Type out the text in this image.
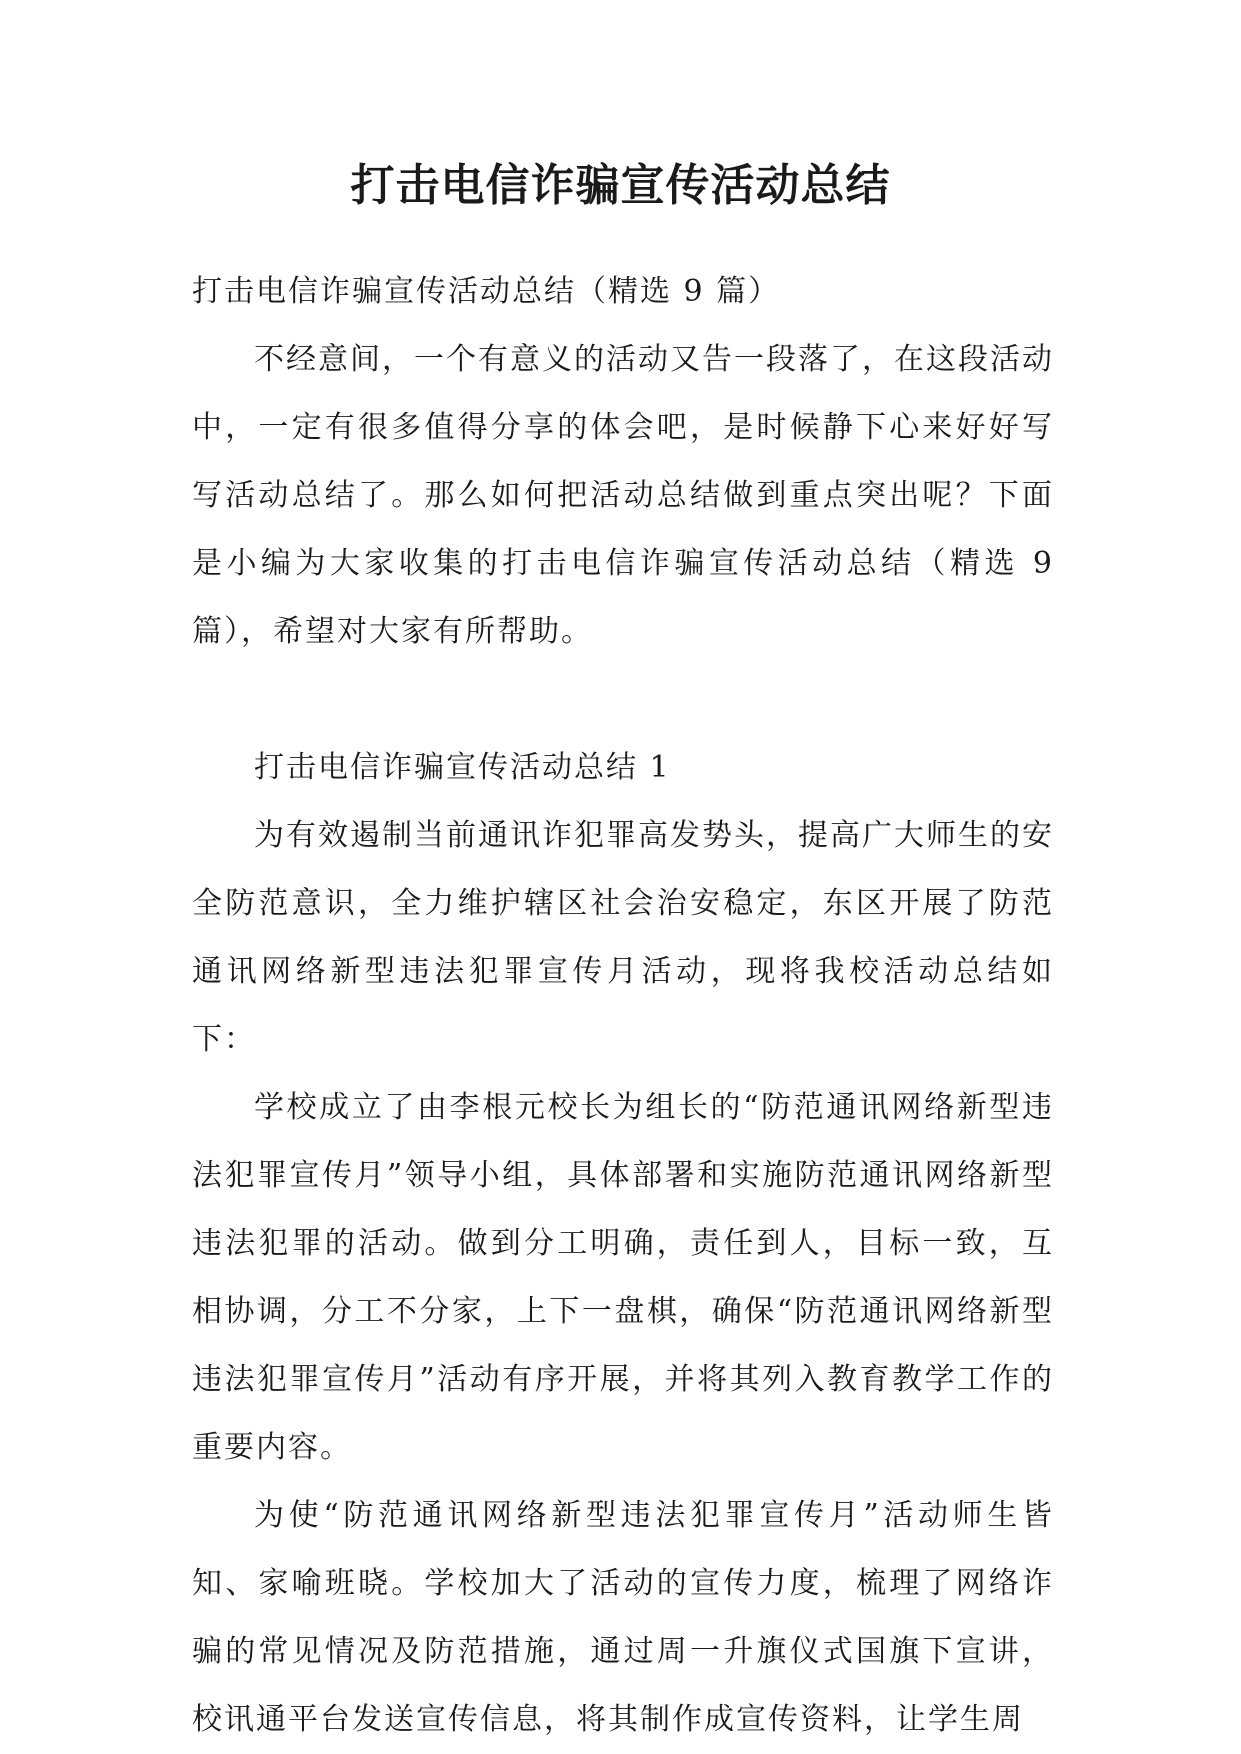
打击电信诈骗宣传活动总结

打击电信诈骗宣传活动总结（精选 9 篇）

不经意间，一个有意义的活动又告一段落了，在这段活动中，一定有很多值得分享的体会吧，是时候静下心来好好写写活动总结了。那么如何把活动总结做到重点突出呢？下面是小编为大家收集的打击电信诈骗宣传活动总结（精选 9 篇），希望对大家有所帮助。

打击电信诈骗宣传活动总结 1

为有效遏制当前通讯诈犯罪高发势头，提高广大师生的安全防范意识，全力维护辖区社会治安稳定，东区开展了防范通讯网络新型违法犯罪宣传月活动，现将我校活动总结如下：

学校成立了由李根元校长为组长的“防范通讯网络新型违法犯罪宣传月”领导小组，具体部署和实施防范通讯网络新型违法犯罪的活动。做到分工明确，责任到人，目标一致，互相协调，分工不分家，上下一盘棋，确保“防范通讯网络新型违法犯罪宣传月”活动有序开展，并将其列入教育教学工作的重要内容。

为使“防范通讯网络新型违法犯罪宣传月”活动师生皆知、家喻班晓。学校加大了活动的宣传力度，梳理了网络诈骗的常见情况及防范措施，通过周一升旗仪式国旗下宣讲，校讯通平台发送宣传信息，将其制作成宣传资料，让学生周
